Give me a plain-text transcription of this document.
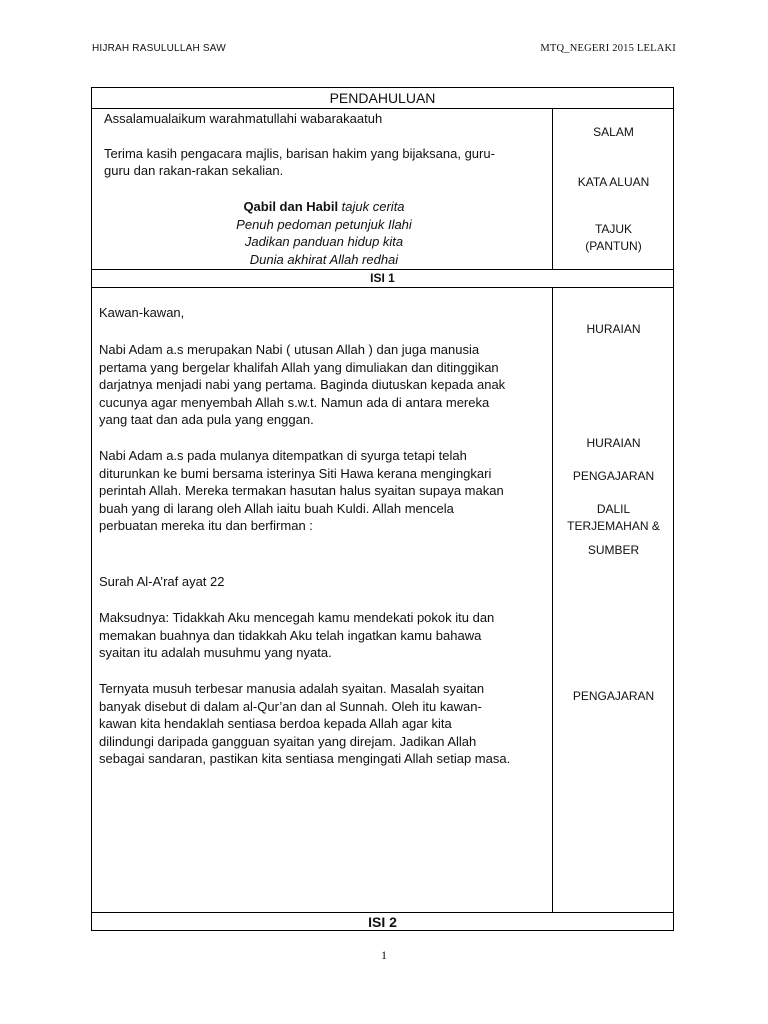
HIJRAH RASULULLAH SAW	MTQ_NEGERI 2015 LELAKI
PENDAHULUAN

Assalamualaikum warahmatullahi wabarakaatuh

Terima kasih pengacara majlis, barisan hakim yang bijaksana, guru-

guru dan rakan-rakan sekalian.

Qabil dan Habil tajuk cerita
Penuh pedoman petunjuk Ilahi
Jadikan panduan hidup kita
Dunia akhirat Allah redhai
SALAM
KATA ALUAN
TAJUK
(PANTUN)
ISI 1

Kawan-kawan,

Nabi Adam a.s merupakan Nabi ( utusan Allah ) dan juga manusia
pertama yang bergelar khalifah Allah yang dimuliakan dan ditinggikan
darjatnya menjadi nabi yang pertama. Baginda diutuskan kepada anak
cucunya agar menyembah Allah s.w.t. Namun ada di antara mereka
yang taat dan ada pula yang enggan.
Nabi Adam a.s pada mulanya ditempatkan di syurga tetapi telah
diturunkan ke bumi bersama isterinya Siti Hawa kerana mengingkari
perintah Allah. Mereka termakan hasutan halus syaitan supaya makan
buah yang di larang oleh Allah iaitu buah Kuldi. Allah mencela
perbuatan mereka itu dan berfirman :

Surah Al-A’raf ayat 22

Maksudnya: Tidakkah Aku mencegah kamu mendekati pokok itu dan
memakan buahnya dan tidakkah Aku telah ingatkan kamu bahawa
syaitan itu adalah musuhmu yang nyata.
Ternyata musuh terbesar manusia adalah syaitan. Masalah syaitan
banyak disebut di dalam al-Qur’an dan al Sunnah. Oleh itu kawan-
kawan kita hendaklah sentiasa berdoa kepada Allah agar kita
dilindungi daripada gangguan syaitan yang direjam. Jadikan Allah
sebagai sandaran, pastikan kita sentiasa mengingati Allah setiap masa.
HURAIAN
HURAIAN
PENGAJARAN
DALIL
TERJEMAHAN &
SUMBER
PENGAJARAN
ISI 2
1
